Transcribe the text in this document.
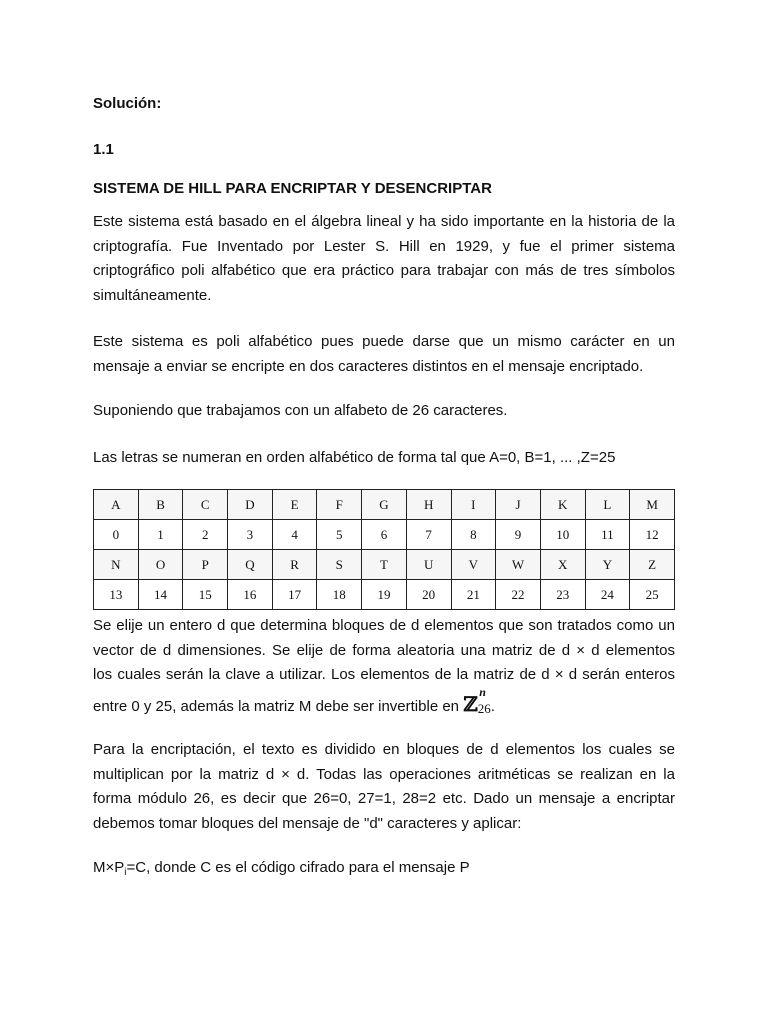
Solución:
1.1
SISTEMA DE HILL PARA ENCRIPTAR Y DESENCRIPTAR
Este sistema está basado en el álgebra lineal y ha sido importante en la historia de la criptografía. Fue Inventado por Lester S. Hill en 1929, y fue el primer sistema criptográfico poli alfabético que era práctico para trabajar con más de tres símbolos simultáneamente.
Este sistema es poli alfabético pues puede darse que un mismo carácter en un mensaje a enviar se encripte en dos caracteres distintos en el mensaje encriptado.
Suponiendo que trabajamos con un alfabeto de 26 caracteres.
Las letras se numeran en orden alfabético de forma tal que A=0, B=1, ... ,Z=25
A	B	C	D	E	F	G	H	I	J	K	L	M
0	1	2	3	4	5	6	7	8	9	10	11	12
N	O	P	Q	R	S	T	U	V	W	X	Y	Z
13	14	15	16	17	18	19	20	21	22	23	24	25
Se elije un entero d que determina bloques de d elementos que son tratados como un
vector de d dimensiones. Se elije de forma aleatoria una matriz de d × d elementos
los cuales serán la clave a utilizar. Los elementos de la matriz de d × d serán enteros
entre 0 y 25, además la matriz M debe ser invertible en ℤ n
26.
Para la encriptación, el texto es dividido en bloques de d elementos los cuales se multiplican por la matriz d × d. Todas las operaciones aritméticas se realizan en la forma módulo 26, es decir que 26=0, 27=1, 28=2 etc. Dado un mensaje a encriptar debemos tomar bloques del mensaje de "d" caracteres y aplicar:
$M\times P_i=C$, donde C es el código cifrado para el mensaje P
